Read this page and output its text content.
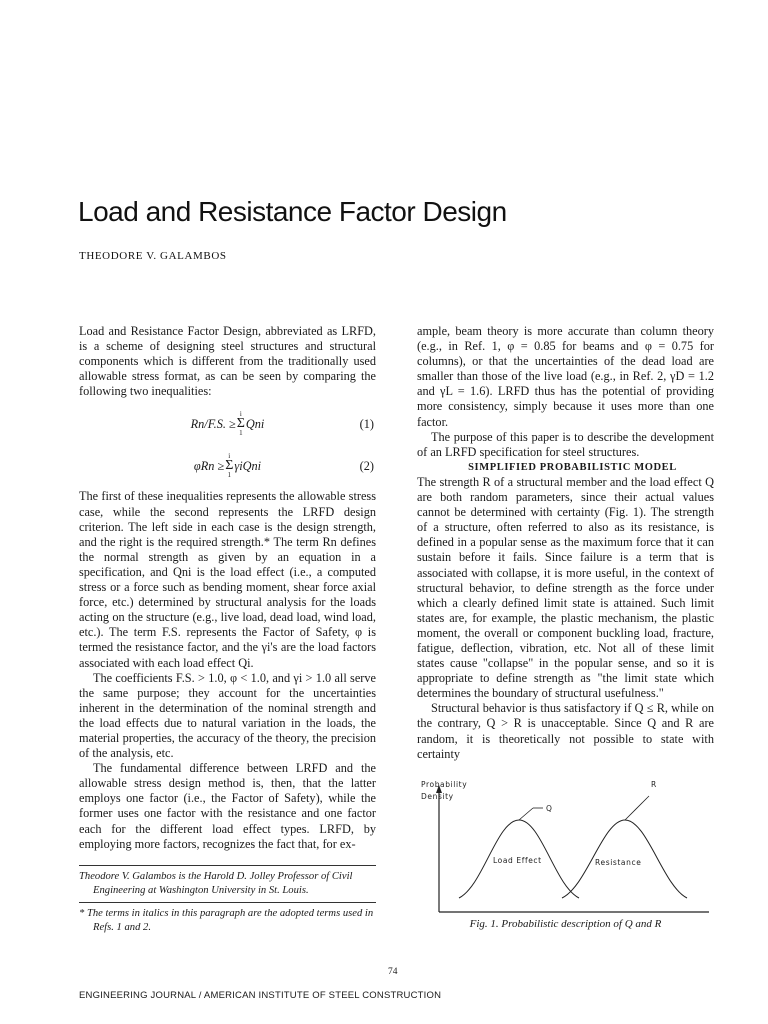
Load and Resistance Factor Design

THEODORE V. GALAMBOS

Load and Resistance Factor Design, abbreviated as LRFD, is a scheme of designing steel structures and structural components which is different from the traditionally used allowable stress format, as can be seen by comparing the following two inequalities:

Rn/F.S. ≥
i
Σ
1
Qni	(1)
φRn ≥
i
Σ
1
γiQni	(2)

The first of these inequalities represents the allowable stress case, while the second represents the LRFD design criterion. The left side in each case is the design strength, and the right is the required strength.* The term Rn defines the normal strength as given by an equation in a specification, and Qni is the load effect (i.e., a computed stress or a force such as bending moment, shear force axial force, etc.) determined by structural analysis for the loads acting on the structure (e.g., live load, dead load, wind load, etc.). The term F.S. represents the Factor of Safety, φ is termed the resistance factor, and the γi's are the load factors associated with each load effect Qi.

The coefficients F.S. > 1.0, φ < 1.0, and γi > 1.0 all serve the same purpose; they account for the uncertainties inherent in the determination of the nominal strength and the load effects due to natural variation in the loads, the material properties, the accuracy of the theory, the precision of the analysis, etc.

The fundamental difference between LRFD and the allowable stress design method is, then, that the latter employs one factor (i.e., the Factor of Safety), while the former uses one factor with the resistance and one factor each for the different load effect types. LRFD, by employing more factors, recognizes the fact that, for ex-

ample, beam theory is more accurate than column theory (e.g., in Ref. 1, φ = 0.85 for beams and φ = 0.75 for columns), or that the uncertainties of the dead load are smaller than those of the live load (e.g., in Ref. 2, γD = 1.2 and γL = 1.6). LRFD thus has the potential of providing more consistency, simply because it uses more than one factor.

The purpose of this paper is to describe the development of an LRFD specification for steel structures.

SIMPLIFIED PROBABILISTIC MODEL

The strength R of a structural member and the load effect Q are both random parameters, since their actual values cannot be determined with certainty (Fig. 1). The strength of a structure, often referred to also as its resistance, is defined in a popular sense as the maximum force that it can sustain before it fails. Since failure is a term that is associated with collapse, it is more useful, in the context of structural behavior, to define strength as the force under which a clearly defined limit state is attained. Such limit states are, for example, the plastic mechanism, the plastic moment, the overall or component buckling load, fracture, fatigue, deflection, vibration, etc. Not all of these limit states cause "collapse" in the popular sense, and so it is appropriate to define strength as "the limit state which determines the boundary of structural usefulness."

Structural behavior is thus satisfactory if Q ≤ R, while on the contrary, Q > R is unacceptable. Since Q and R are random, it is theoretically not possible to state with certainty

Probability
Density
Q
R
Load Effect	Resistance
Fig. 1. Probabilistic description of Q and R
Theodore V. Galambos is the Harold D. Jolley Professor of Civil Engineering at Washington University in St. Louis.
* The terms in italics in this paragraph are the adopted terms used in Refs. 1 and 2.
74
ENGINEERING JOURNAL / AMERICAN INSTITUTE OF STEEL CONSTRUCTION
